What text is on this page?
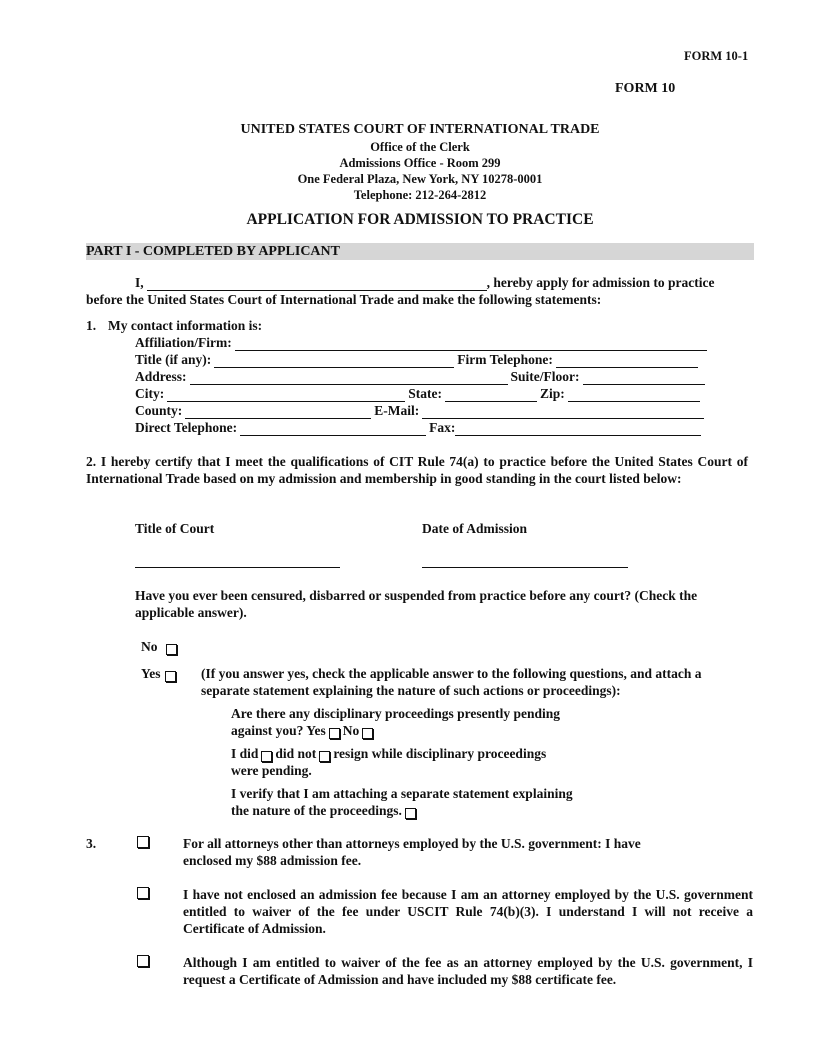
FORM 10-1
FORM 10
UNITED STATES COURT OF INTERNATIONAL TRADE
Office of the Clerk
Admissions Office - Room 299
One Federal Plaza, New York, NY 10278-0001
Telephone: 212-264-2812
APPLICATION FOR ADMISSION TO PRACTICE
PART I - COMPLETED BY APPLICANT
I,	, hereby apply for admission to practice
before the United States Court of International Trade and make the following statements:
1. My contact information is:
Affiliation/Firm:
Title (if any):	Firm Telephone:
Address:	Suite/Floor:
City:	State:	Zip:
County:	E-Mail:
Direct Telephone:	Fax:
2. I hereby certify that I meet the qualifications of CIT Rule 74(a) to practice before the United States Court of International Trade based on my admission and membership in good standing in the court listed below:
Title of Court	Date of Admission
Have you ever been censured, disbarred or suspended from practice before any court? (Check the applicable answer).
No
Yes	(If you answer yes, check the applicable answer to the following questions, and attach a separate statement explaining the nature of such actions or proceedings):
Are there any disciplinary proceedings presently pending
against you? Yes No
I did did not resign while disciplinary proceedings
were pending.
I verify that I am attaching a separate statement explaining
the nature of the proceedings.
3.	For all attorneys other than attorneys employed by the U.S. government: I have enclosed my $88 admission fee.
I have not enclosed an admission fee because I am an attorney employed by the U.S. government entitled to waiver of the fee under USCIT Rule 74(b)(3). I understand I will not receive a Certificate of Admission.
Although I am entitled to waiver of the fee as an attorney employed by the U.S. government, I request a Certificate of Admission and have included my $88 certificate fee.
